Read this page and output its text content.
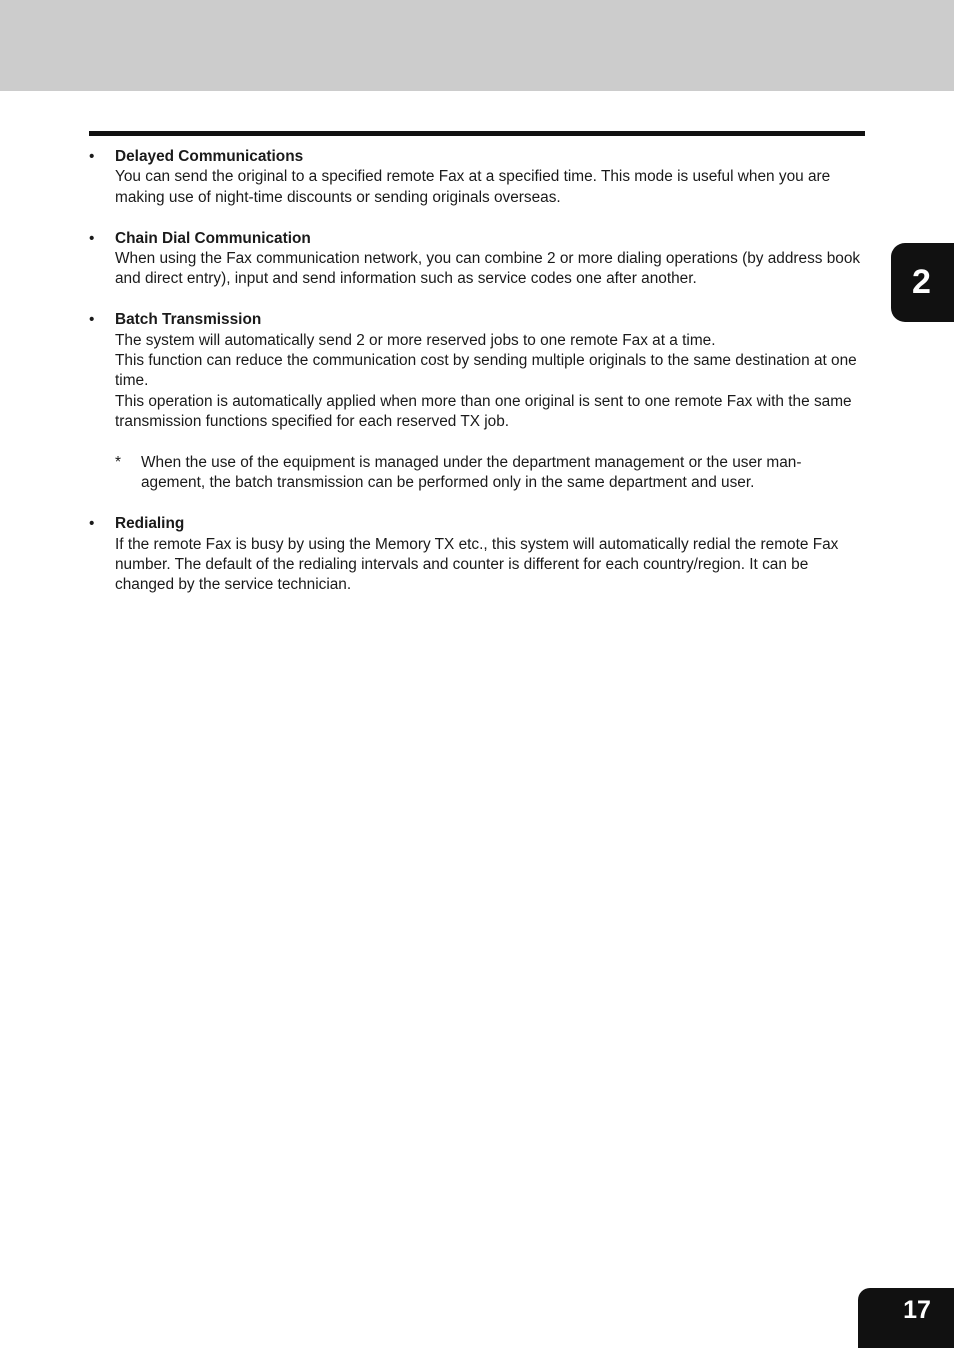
2
•	Delayed Communications
You can send the original to a specified remote Fax at a specified time. This mode is useful when you are making use of night-time discounts or sending originals overseas.
•	Chain Dial Communication
When using the Fax communication network, you can combine 2 or more dialing operations (by address book and direct entry), input and send information such as service codes one after another.
•	Batch Transmission
The system will automatically send 2 or more reserved jobs to one remote Fax at a time.
This function can reduce the communication cost by sending multiple originals to the same destination at one time.
This operation is automatically applied when more than one original is sent to one remote Fax with the same transmission functions specified for each reserved TX job.
* When the use of the equipment is managed under the department management or the user man-agement, the batch transmission can be performed only in the same department and user.
•	Redialing
If the remote Fax is busy by using the Memory TX etc., this system will automatically redial the remote Fax number. The default of the redialing intervals and counter is different for each country/region. It can be changed by the service technician.
17
